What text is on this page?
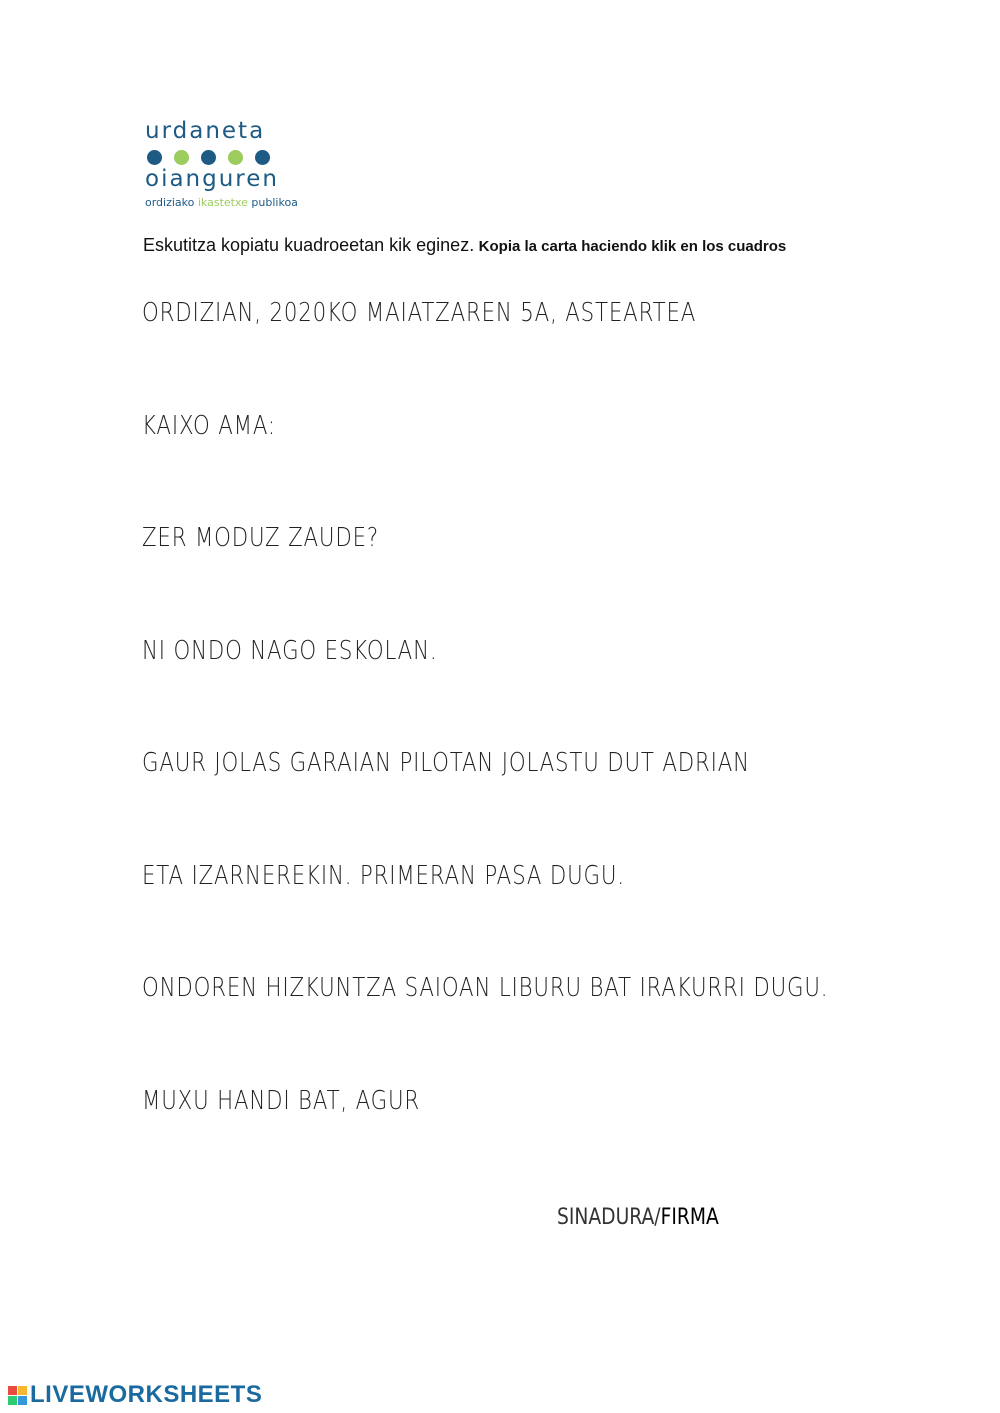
urdaneta
oianguren
ordiziako ikastetxe publikoa
Eskutitza kopiatu kuadroeetan kik eginez. Kopia la carta haciendo klik en los cuadros
ORDIZIAN, 2020KO MAIATZAREN 5A, ASTEARTEA
KAIXO AMA:
ZER MODUZ ZAUDE?
NI ONDO NAGO ESKOLAN.
GAUR JOLAS GARAIAN PILOTAN JOLASTU DUT ADRIAN
ETA IZARNEREKIN. PRIMERAN PASA DUGU.
ONDOREN HIZKUNTZA SAIOAN LIBURU BAT IRAKURRI DUGU.
MUXU HANDI BAT, AGUR
SINADURA/FIRMA
LIVEWORKSHEETS
